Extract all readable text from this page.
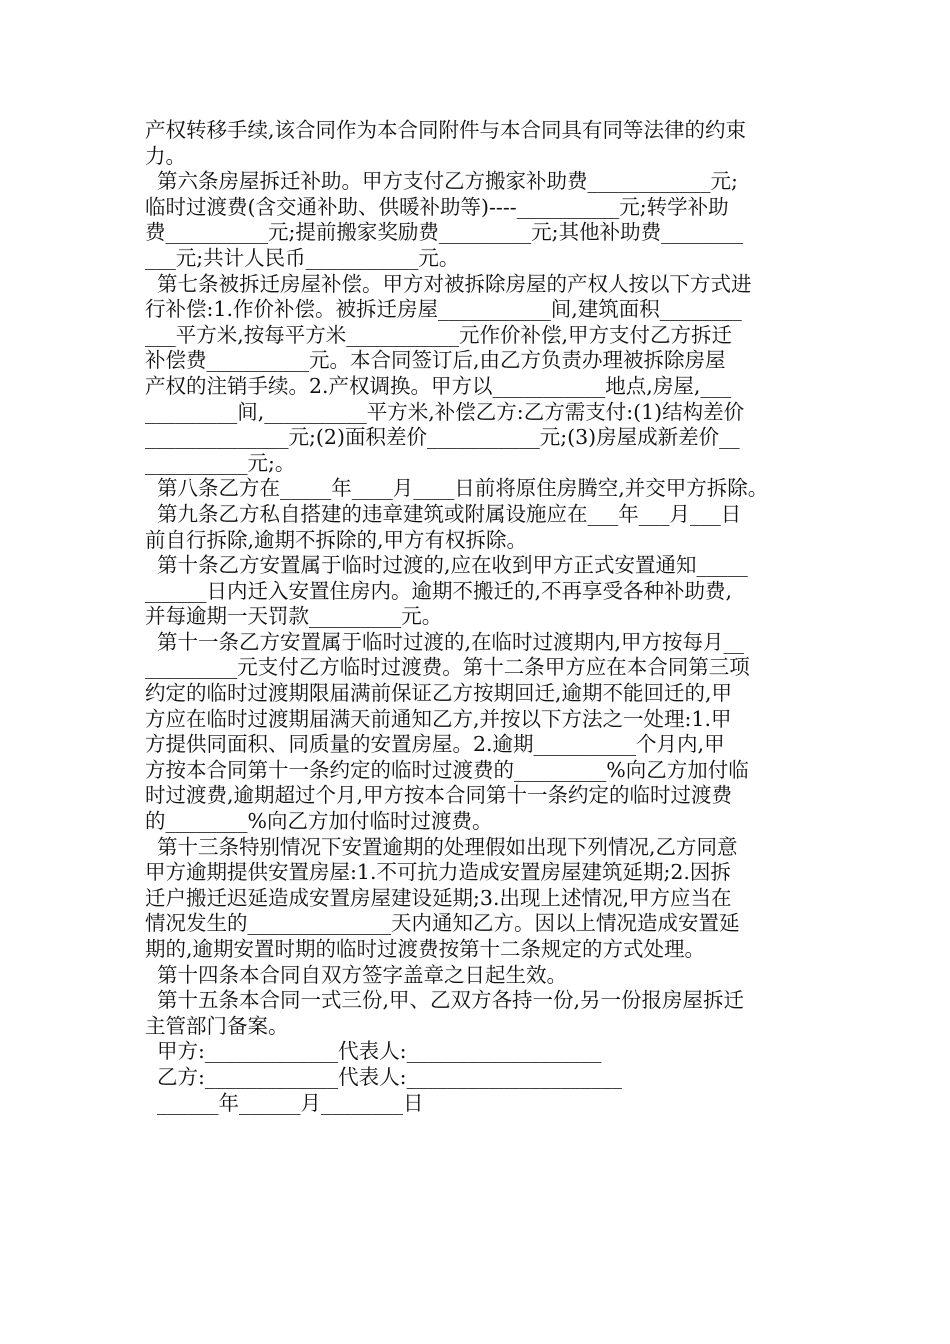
产权转移手续,该合同作为本合同附件与本合同具有同等法律的约束
力。
第六条房屋拆迁补助。甲方支付乙方搬家补助费____________元;
临时过渡费(含交通补助、供暖补助等)----__________元;转学补助
费__________元;提前搬家奖励费_________元;其他补助费________
___元;共计人民币___________元。
第七条被拆迁房屋补偿。甲方对被拆除房屋的产权人按以下方式进
行补偿:1.作价补偿。被拆迁房屋___________间,建筑面积________
___平方米,按每平方米___________元作价补偿,甲方支付乙方拆迁
补偿费__________元。本合同签订后,由乙方负责办理被拆除房屋
产权的注销手续。2.产权调换。甲方以___________地点,房屋,___
_________间,__________平方米,补偿乙方:乙方需支付:(1)结构差价
______________元;(2)面积差价___________元;(3)房屋成新差价__
__________元;。
第八条乙方在_____年____月____日前将原住房腾空,并交甲方拆除。
第九条乙方私自搭建的违章建筑或附属设施应在___年___月___日
前自行拆除,逾期不拆除的,甲方有权拆除。
第十条乙方安置属于临时过渡的,应在收到甲方正式安置通知_____
______日内迁入安置住房内。逾期不搬迁的,不再享受各种补助费,
并每逾期一天罚款_________元。
第十一条乙方安置属于临时过渡的,在临时过渡期内,甲方按每月__
_________元支付乙方临时过渡费。第十二条甲方应在本合同第三项
约定的临时过渡期限届满前保证乙方按期回迁,逾期不能回迁的,甲
方应在临时过渡期届满天前通知乙方,并按以下方法之一处理:1.甲
方提供同面积、同质量的安置房屋。2.逾期__________个月内,甲
方按本合同第十一条约定的临时过渡费的_________%向乙方加付临
时过渡费,逾期超过个月,甲方按本合同第十一条约定的临时过渡费
的________%向乙方加付临时过渡费。
第十三条特别情况下安置逾期的处理假如出现下列情况,乙方同意
甲方逾期提供安置房屋:1.不可抗力造成安置房屋建筑延期;2.因拆
迁户搬迁迟延造成安置房屋建设延期;3.出现上述情况,甲方应当在
情况发生的______________天内通知乙方。因以上情况造成安置延
期的,逾期安置时期的临时过渡费按第十二条规定的方式处理。
第十四条本合同自双方签字盖章之日起生效。
第十五条本合同一式三份,甲、乙双方各持一份,另一份报房屋拆迁
主管部门备案。
甲方:_____________代表人:___________________
乙方:_____________代表人:_____________________
______年______月________日
